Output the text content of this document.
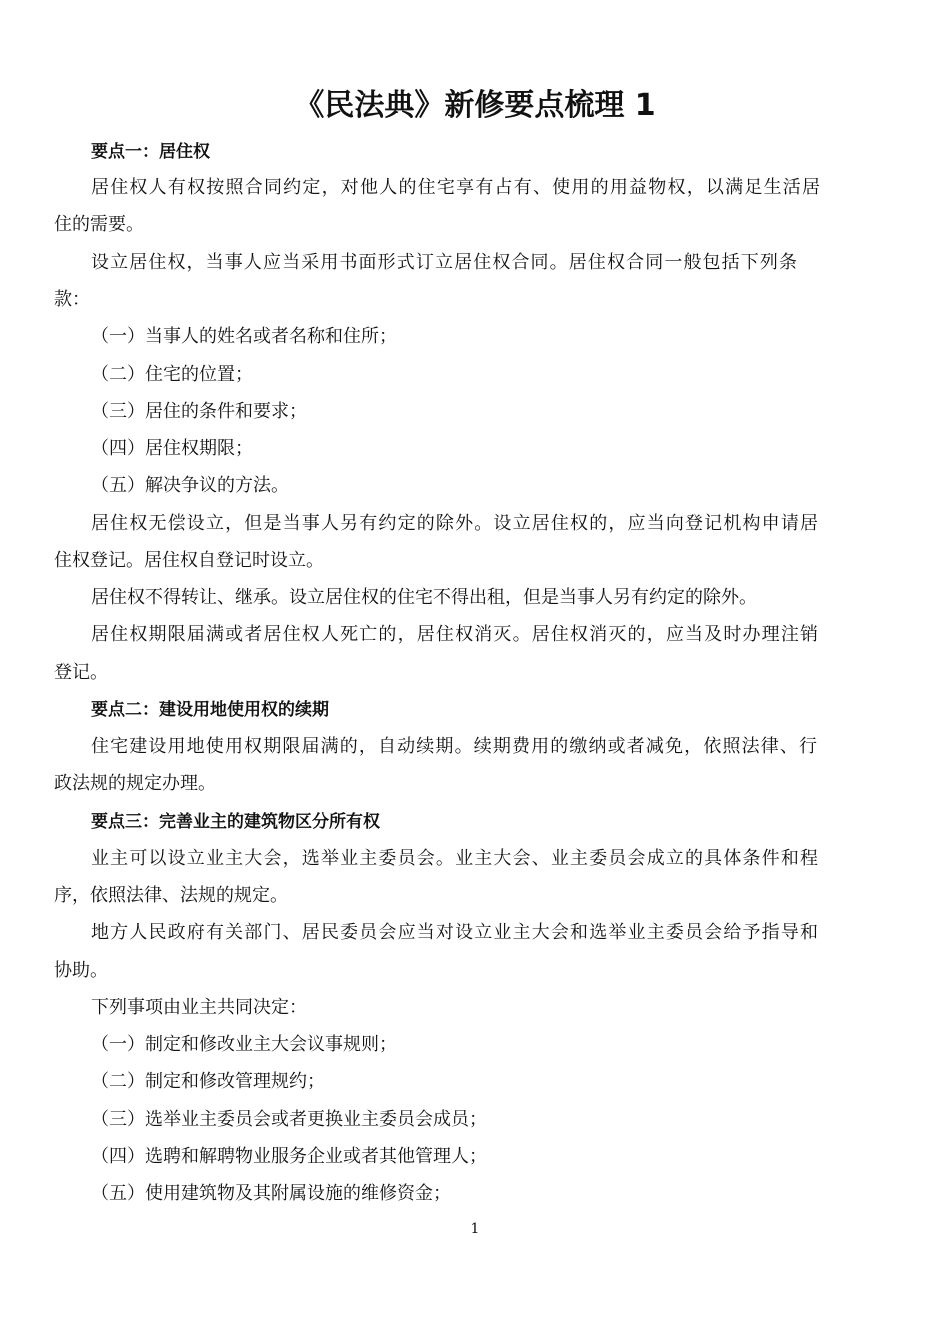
《民法典》新修要点梳理 1

要点一：居住权

居住权人有权按照合同约定，对他人的住宅享有占有、使用的用益物权，以满足生活居

住的需要。

设立居住权，当事人应当采用书面形式订立居住权合同。居住权合同一般包括下列条

款：

（一）当事人的姓名或者名称和住所；

（二）住宅的位置；

（三）居住的条件和要求；

（四）居住权期限；

（五）解决争议的方法。

居住权无偿设立，但是当事人另有约定的除外。设立居住权的，应当向登记机构申请居

住权登记。居住权自登记时设立。

居住权不得转让、继承。设立居住权的住宅不得出租，但是当事人另有约定的除外。

居住权期限届满或者居住权人死亡的，居住权消灭。居住权消灭的，应当及时办理注销

登记。

要点二：建设用地使用权的续期

住宅建设用地使用权期限届满的，自动续期。续期费用的缴纳或者减免，依照法律、行

政法规的规定办理。

要点三：完善业主的建筑物区分所有权

业主可以设立业主大会，选举业主委员会。业主大会、业主委员会成立的具体条件和程

序，依照法律、法规的规定。

地方人民政府有关部门、居民委员会应当对设立业主大会和选举业主委员会给予指导和

协助。

下列事项由业主共同决定：

（一）制定和修改业主大会议事规则；

（二）制定和修改管理规约；

（三）选举业主委员会或者更换业主委员会成员；

（四）选聘和解聘物业服务企业或者其他管理人；

（五）使用建筑物及其附属设施的维修资金；

1
